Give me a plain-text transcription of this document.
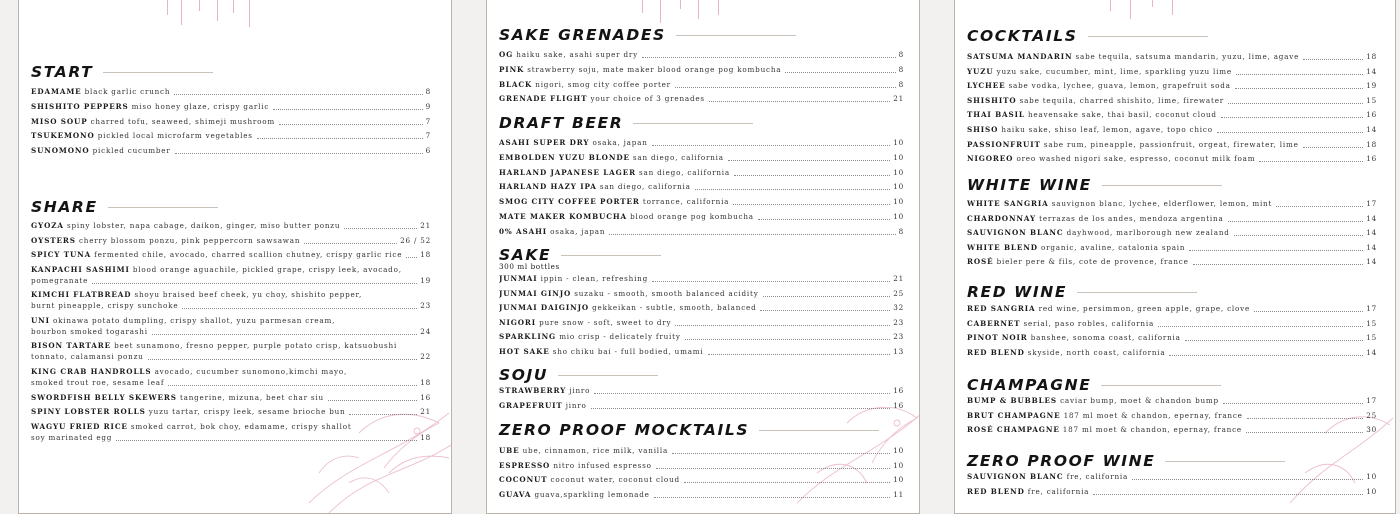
START
EDAMAME black garlic crunch	8
SHISHITO PEPPERS miso honey glaze, crispy garlic	9
MISO SOUP charred tofu, seaweed, shimeji mushroom	7
TSUKEMONO pickled local microfarm vegetables	7
SUNOMONO pickled cucumber	6
SHARE
GYOZA spiny lobster, napa cabage, daikon, ginger, miso butter ponzu	21
OYSTERS cherry blossom ponzu, pink peppercorn sawsawan	26 / 52
SPICY TUNA fermented chile, avocado, charred scallion chutney, crispy garlic rice 18
KANPACHI SASHIMI blood orange aguachile, pickled grape, crispy leek, avocado,
pomegranate	19
KIMCHI FLATBREAD shoyu braised beef cheek, yu choy, shishito pepper,
burnt pineapple, crispy sunchoke	23
UNI okinawa potato dumpling, crispy shallot, yuzu parmesan cream,
bourbon smoked togarashi	24
BISON TARTARE beet sunamono, fresno pepper, purple potato crisp, katsuobushi
tonnato, calamansi ponzu	22
KING CRAB HANDROLLS avocado, cucumber sunomono,kimchi mayo,
smoked trout roe, sesame leaf	18
SWORDFISH BELLY SKEWERS tangerine, mizuna, beet char siu	16
SPINY LOBSTER ROLLS yuzu tartar, crispy leek, sesame brioche bun	21
WAGYU FRIED RICE smoked carrot, bok choy, edamame, crispy shallot
soy marinated egg	18
SAKE GRENADES
OG haiku sake, asahi super dry	8
PINK strawberry soju, mate maker blood orange pog kombucha	8
BLACK nigori, smog city coffee porter	8
GRENADE FLIGHT your choice of 3 grenades	21
DRAFT BEER
ASAHI SUPER DRY osaka, japan	10
EMBOLDEN YUZU BLONDE san diego, california	10
HARLAND JAPANESE LAGER san diego, california	10
HARLAND HAZY IPA san diego, california	10
SMOG CITY COFFEE PORTER torrance, california	10
MATE MAKER KOMBUCHA blood orange pog kombucha	10
0% ASAHI osaka, japan	8
SAKE
300 ml bottles
JUNMAI ippin - clean, refreshing	21
JUNMAI GINJO suzaku - smooth, smooth balanced acidity	25
JUNMAI DAIGINJO gekkeikan - subtle, smooth, balanced	32
NIGORI pure snow - soft, sweet to dry	23
SPARKLING mio crisp - delicately fruity	23
HOT SAKE sho chiku bai - full bodied, umami	13
SOJU
STRAWBERRY jinro	16
GRAPEFRUIT jinro	16
ZERO PROOF MOCKTAILS
UBE ube, cinnamon, rice milk, vanilla	10
ESPRESSO nitro infused espresso	10
COCONUT coconut water, coconut cloud	10
GUAVA guava,sparkling lemonade	11
COCKTAILS
SATSUMA MANDARIN sabe tequila, satsuma mandarin, yuzu, lime, agave	18
YUZU yuzu sake, cucumber, mint, lime, sparkling yuzu lime	14
LYCHEE sabe vodka, lychee, guava, lemon, grapefruit soda	19
SHISHITO sabe tequila, charred shishito, lime, firewater	15
THAI BASIL heavensake sake, thai basil, coconut cloud	16
SHISO haiku sake, shiso leaf, lemon, agave, topo chico	14
PASSIONFRUIT sabe rum, pineapple, passionfruit, orgeat, firewater, lime	18
NIGOREO oreo washed nigori sake, espresso, coconut milk foam	16
WHITE WINE
WHITE SANGRIA sauvignon blanc, lychee, elderflower, lemon, mint	17
CHARDONNAY terrazas de los andes, mendoza argentina	14
SAUVIGNON BLANC dayhwood, marlborough new zealand	14
WHITE BLEND organic, avaline, catalonia spain	14
ROSÉ bieler pere & fils, cote de provence, france	14
RED WINE
RED SANGRIA red wine, persimmon, green apple, grape, clove	17
CABERNET serial, paso robles, california	15
PINOT NOIR banshee, sonoma coast, california	15
RED BLEND skyside, north coast, california	14
CHAMPAGNE
BUMP & BUBBLES caviar bump, moet & chandon bump	17
BRUT CHAMPAGNE 187 ml moet & chandon, epernay, france	25
ROSÉ CHAMPAGNE 187 ml moet & chandon, epernay, france	30
ZERO PROOF WINE
SAUVIGNON BLANC fre, california	10
RED BLEND fre, california	10
